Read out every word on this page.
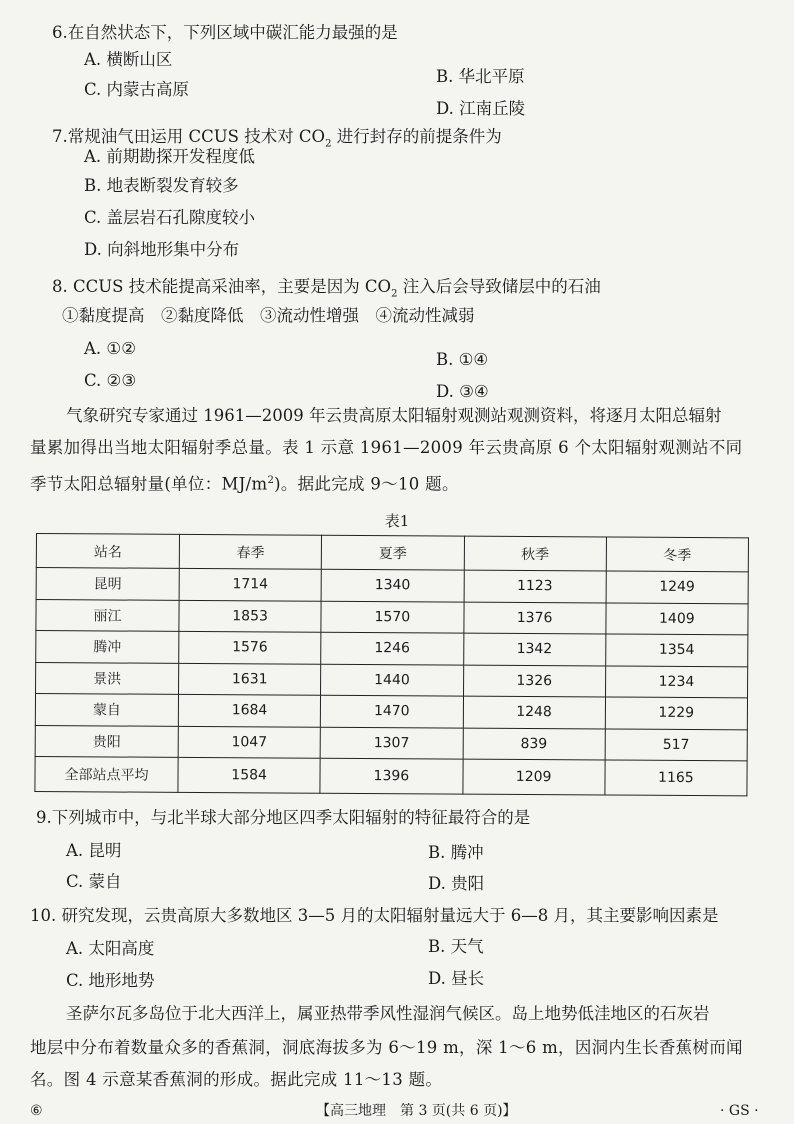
6.在自然状态下，下列区域中碳汇能力最强的是
A. 横断山区
B. 华北平原
C. 内蒙古高原
D. 江南丘陵
7.常规油气田运用 CCUS 技术对 $CO_2$ 进行封存的前提条件为
A. 前期勘探开发程度低
B. 地表断裂发育较多
C. 盖层岩石孔隙度较小
D. 向斜地形集中分布
8. CCUS 技术能提高采油率，主要是因为 $CO_2$ 注入后会导致储层中的石油
①黏度提高　②黏度降低　③流动性增强　④流动性减弱
A. ①②
B. ①④
C. ②③
D. ③④
气象研究专家通过 1961—2009 年云贵高原太阳辐射观测站观测资料，将逐月太阳总辐射
量累加得出当地太阳辐射季总量。表 1 示意 1961—2009 年云贵高原 6 个太阳辐射观测站不同
季节太阳总辐射量(单位：$MJ/m^2$)。据此完成 9～10 题。
表1
站名	春季	夏季	秋季	冬季
昆明	1714	1340	1123	1249
丽江	1853	1570	1376	1409
腾冲	1576	1246	1342	1354
景洪	1631	1440	1326	1234
蒙自	1684	1470	1248	1229
贵阳	1047	1307	839	517
全部站点平均	1584	1396	1209	1165
9.下列城市中，与北半球大部分地区四季太阳辐射的特征最符合的是
A. 昆明	B. 腾冲
C. 蒙自	D. 贵阳
10. 研究发现，云贵高原大多数地区 3—5 月的太阳辐射量远大于 6—8 月，其主要影响因素是
A. 太阳高度	B. 天气
C. 地形地势	D. 昼长
圣萨尔瓦多岛位于北大西洋上，属亚热带季风性湿润气候区。岛上地势低洼地区的石灰岩
地层中分布着数量众多的香蕉洞，洞底海拔多为 6～19 m，深 1～6 m，因洞内生长香蕉树而闻
名。图 4 示意某香蕉洞的形成。据此完成 11～13 题。
⑥	【高三地理　第 3 页(共 6 页)】	· GS ·
